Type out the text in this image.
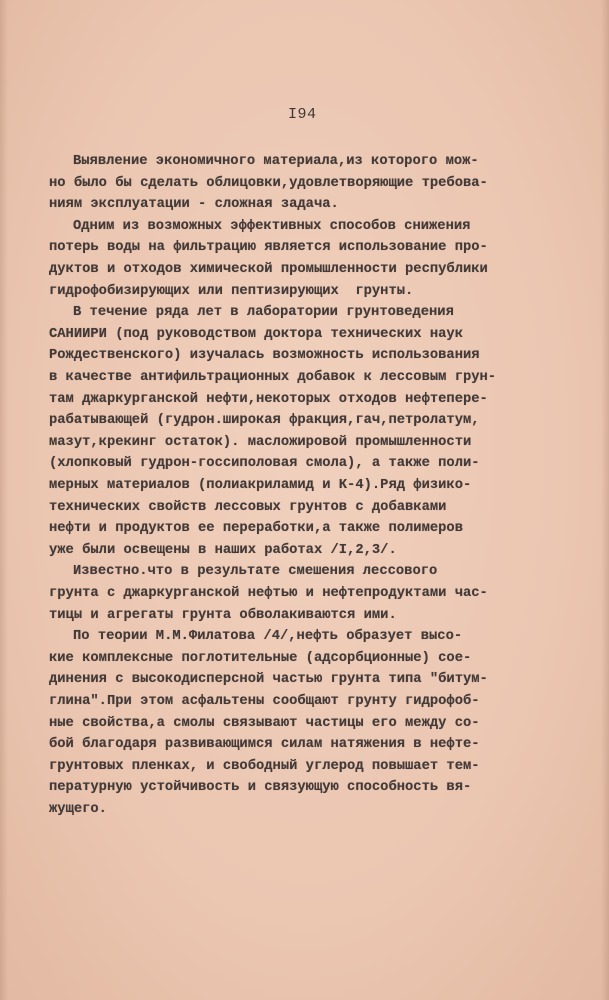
I94
Выявление экономичного материала,из которого мож-
но было бы сделать облицовки,удовлетворяющие требова-
ниям эксплуатации - сложная задача.
Одним из возможных эффективных способов снижения
потерь воды на фильтрацию является использование про-
дуктов и отходов химической промышленности республики
гидрофобизирующих или пептизирующих  грунты.
В течение ряда лет в лаборатории грунтоведения
САНИИРИ (под руководством доктора технических наук
Рождественского) изучалась возможность использования
в качестве антифильтрационных добавок к лессовым грун-
там джаркурганской нефти,некоторых отходов нефтепере-
рабатывающей (гудрон.широкая фракция,гач,петролатум,
мазут,крекинг остаток). масложировой промышленности
(хлопковый гудрон-госсиполовая смола), а также поли-
мерных материалов (полиакриламид и К-4).Ряд физико-
технических свойств лессовых грунтов с добавками
нефти и продуктов ее переработки,а также полимеров
уже были освещены в наших работах /I,2,3/.
Известно.что в результате смешения лессового
грунта с джаркурганской нефтью и нефтепродуктами час-
тицы и агрегаты грунта обволакиваются ими.
По теории М.М.Филатова /4/,нефть образует высо-
кие комплексные поглотительные (адсорбционные) сое-
динения с высокодисперсной частью грунта типа "битум-
глина".При этом асфальтены сообщают грунту гидрофоб-
ные свойства,а смолы связывают частицы его между со-
бой благодаря развивающимся силам натяжения в нефте-
грунтовых пленках, и свободный углерод повышает тем-
пературную устойчивость и связующую способность вя-
жущего.
